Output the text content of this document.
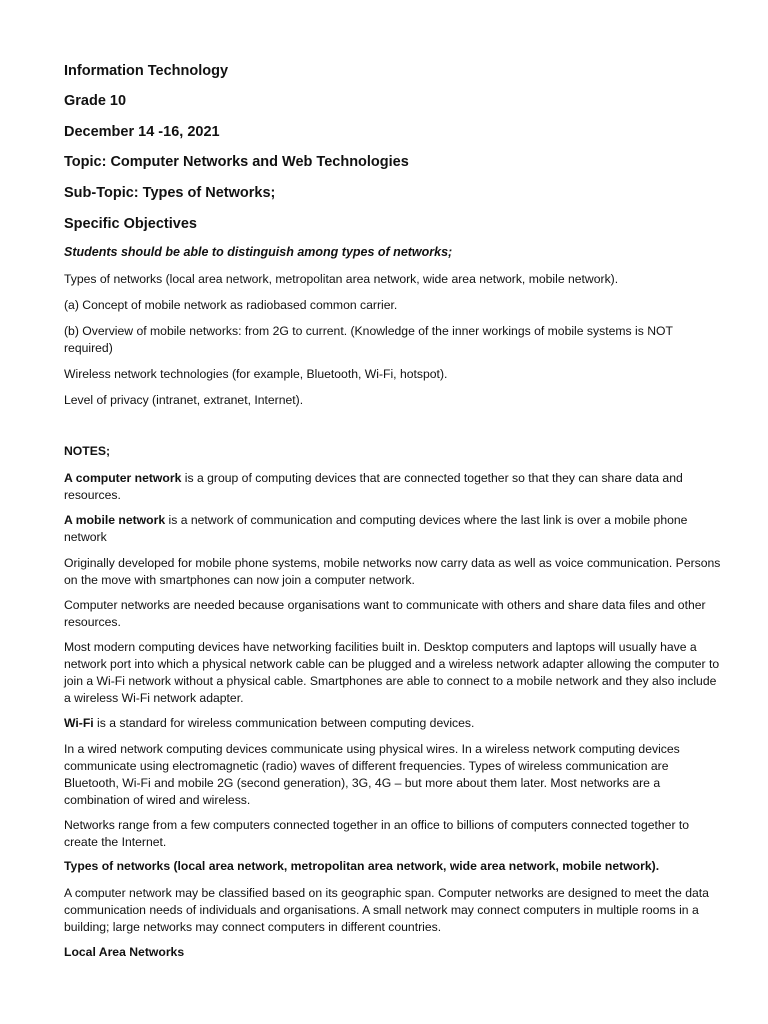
Information Technology
Grade 10
December 14 -16, 2021
Topic: Computer Networks and Web Technologies
Sub-Topic: Types of Networks;
Specific Objectives
Students should be able to distinguish among types of networks;
Types of networks (local area network, metropolitan area network, wide area network, mobile network).
(a) Concept of mobile network as radiobased common carrier.
(b) Overview of mobile networks: from 2G to current. (Knowledge of the inner workings of mobile systems is NOT required)
Wireless network technologies (for example, Bluetooth, Wi-Fi, hotspot).
Level of privacy (intranet, extranet, Internet).
NOTES;
A computer network is a group of computing devices that are connected together so that they can share data and resources.
A mobile network is a network of communication and computing devices where the last link is over a mobile phone network
Originally developed for mobile phone systems, mobile networks now carry data as well as voice communication. Persons on the move with smartphones can now join a computer network.
Computer networks are needed because organisations want to communicate with others and share data files and other resources.
Most modern computing devices have networking facilities built in. Desktop computers and laptops will usually have a network port into which a physical network cable can be plugged and a wireless network adapter allowing the computer to join a Wi-Fi network without a physical cable. Smartphones are able to connect to a mobile network and they also include a wireless Wi-Fi network adapter.
Wi-Fi is a standard for wireless communication between computing devices.
In a wired network computing devices communicate using physical wires. In a wireless network computing devices communicate using electromagnetic (radio) waves of different frequencies. Types of wireless communication are Bluetooth, Wi-Fi and mobile 2G (second generation), 3G, 4G – but more about them later. Most networks are a combination of wired and wireless.
Networks range from a few computers connected together in an office to billions of computers connected together to create the Internet.
Types of networks (local area network, metropolitan area network, wide area network, mobile network).
A computer network may be classified based on its geographic span. Computer networks are designed to meet the data communication needs of individuals and organisations. A small network may connect computers in multiple rooms in a building; large networks may connect computers in different countries.
Local Area Networks
